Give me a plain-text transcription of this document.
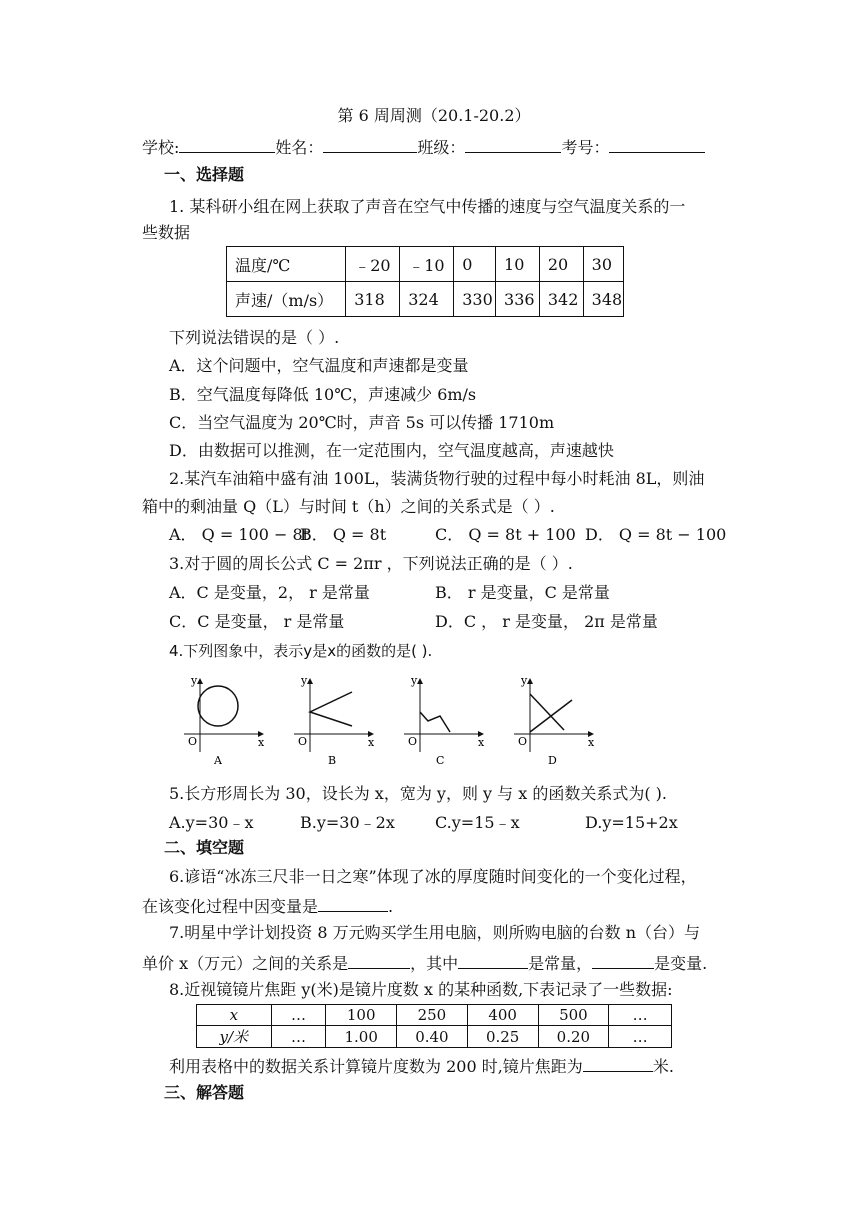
第 6 周周测（20.1-20.2）
学校:	姓名：	班级：	考号：
一、选择题
1. 某科研小组在网上获取了声音在空气中传播的速度与空气温度关系的一
些数据
温度/℃	﹣20	﹣10	0	10	20	30
声速/（m/s）	318	324	330	336	342	348
下列说法错误的是（ ）.
A．这个问题中，空气温度和声速都是变量
B．空气温度每降低 10℃，声速减少 6m/s
C．当空气温度为 20℃时，声音 5s 可以传播 1710m
D．由数据可以推测，在一定范围内，空气温度越高，声速越快
2.某汽车油箱中盛有油 100L，装满货物行驶的过程中每小时耗油 8L，则油
箱中的剩油量 Q（L）与时间 t（h）之间的关系式是（ ）.
A． Q = 100 − 8t
B． Q = 8t	C． Q = 8t + 100 D． Q = 8t − 100
3.对于圆的周长公式 C = 2πr ，下列说法正确的是（ ）.
A．C 是变量，2， r 是常量	B． r 是变量，C 是常量
C．C 是变量， r 是常量	D．C ， r 是变量， 2π 是常量
4.下列图象中，表示y是x的函数的是( ).
y
x
O
A
y
x
O
B
y
x
O
C
y
x
O
D
5.长方形周长为 30，设长为 x，宽为 y，则 y 与 x 的函数关系式为( ).
A.y=30﹣x	B.y=30﹣2x	C.y=15﹣x	D.y=15+2x
二、填空题
6.谚语“冰冻三尺非一日之寒”体现了冰的厚度随时间变化的一个变化过程，
在该变化过程中因变量是	.
7.明星中学计划投资 8 万元购买学生用电脑，则所购电脑的台数 n（台）与
单价 x（万元）之间的关系是	，其中	是常量，	是变量.
8.近视镜镜片焦距 y(米)是镜片度数 x 的某种函数,下表记录了一些数据:
x	…	100	250	400	500	…
y/米	…	1.00	0.40	0.25	0.20	…
利用表格中的数据关系计算镜片度数为 200 时,镜片焦距为	米.
三、解答题
